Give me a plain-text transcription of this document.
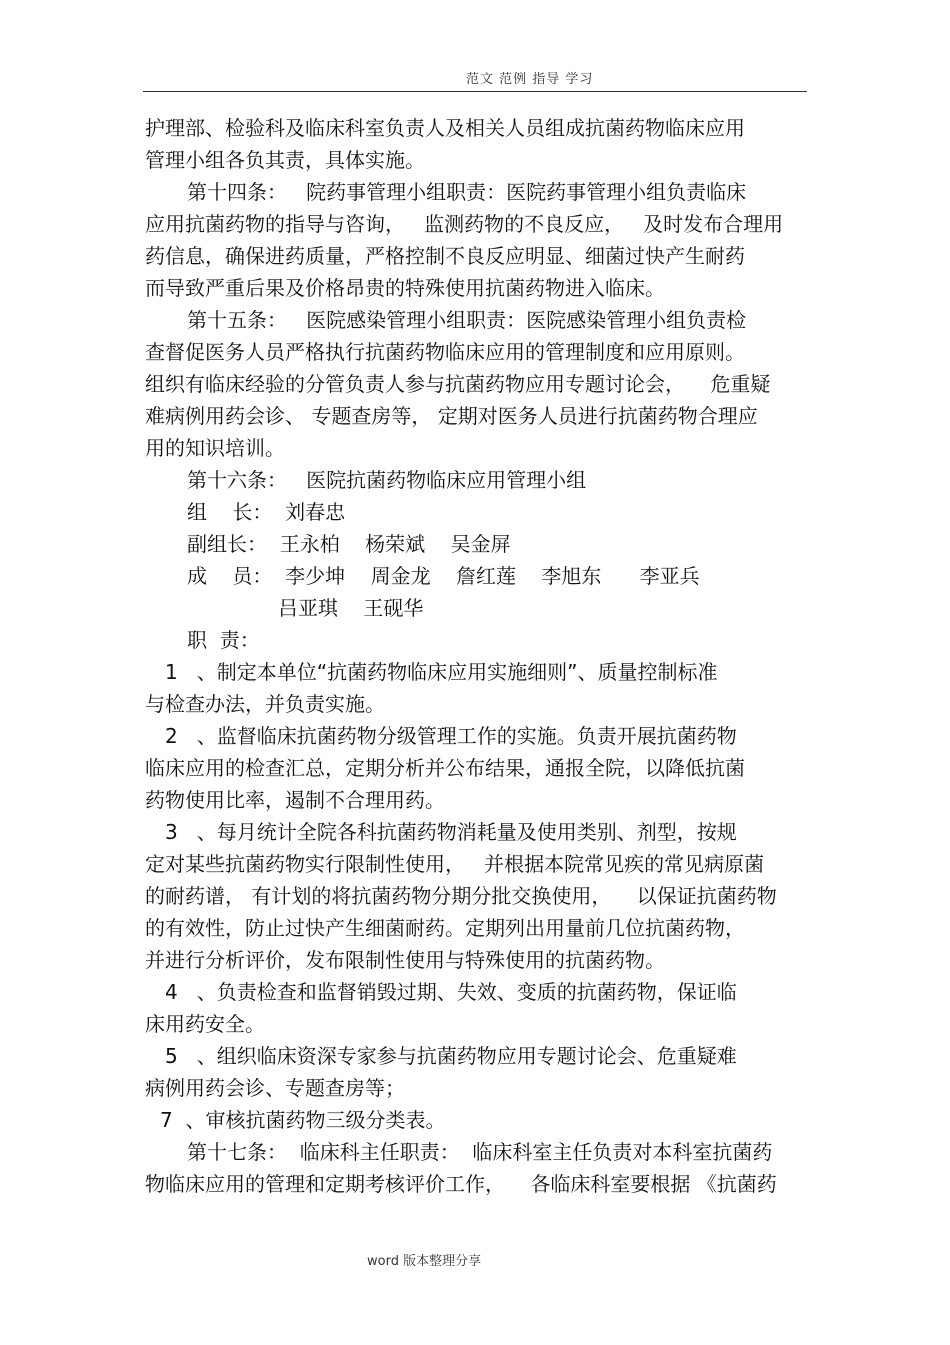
范文 范例 指导 学习
护理部、检验科及临床科室负责人及相关人员组成抗菌药物临床应用
管理小组各负其责，具体实施。
第十四条：   院药事管理小组职责：医院药事管理小组负责临床
应用抗菌药物的指导与咨询，   监测药物的不良反应，   及时发布合理用
药信息，确保进药质量，严格控制不良反应明显、细菌过快产生耐药
而导致严重后果及价格昂贵的特殊使用抗菌药物进入临床。
第十五条：   医院感染管理小组职责：医院感染管理小组负责检
查督促医务人员严格执行抗菌药物临床应用的管理制度和应用原则。
组织有临床经验的分管负责人参与抗菌药物应用专题讨论会，    危重疑
难病例用药会诊、 专题查房等， 定期对医务人员进行抗菌药物合理应
用的知识培训。
第十六条：   医院抗菌药物临床应用管理小组
组    长：  刘春忠
副组长：  王永柏    杨荣斌    吴金屏
成    员：  李少坤    周金龙    詹红莲    李旭东      李亚兵
吕亚琪    王砚华
职  责：
1   、制定本单位“抗菌药物临床应用实施细则”、质量控制标准
与检查办法，并负责实施。
2   、监督临床抗菌药物分级管理工作的实施。负责开展抗菌药物
临床应用的检查汇总，定期分析并公布结果，通报全院，以降低抗菌
药物使用比率，遏制不合理用药。
3   、每月统计全院各科抗菌药物消耗量及使用类别、剂型，按规
定对某些抗菌药物实行限制性使用，   并根据本院常见疾的常见病原菌
的耐药谱， 有计划的将抗菌药物分期分批交换使用，    以保证抗菌药物
的有效性，防止过快产生细菌耐药。定期列出用量前几位抗菌药物，
并进行分析评价，发布限制性使用与特殊使用的抗菌药物。
4   、负责检查和监督销毁过期、失效、变质的抗菌药物，保证临
床用药安全。
5   、组织临床资深专家参与抗菌药物应用专题讨论会、危重疑难
病例用药会诊、专题查房等；
7  、审核抗菌药物三级分类表。
第十七条：  临床科主任职责：  临床科室主任负责对本科室抗菌药
物临床应用的管理和定期考核评价工作，    各临床科室要根据 《抗菌药
word 版本整理分享
